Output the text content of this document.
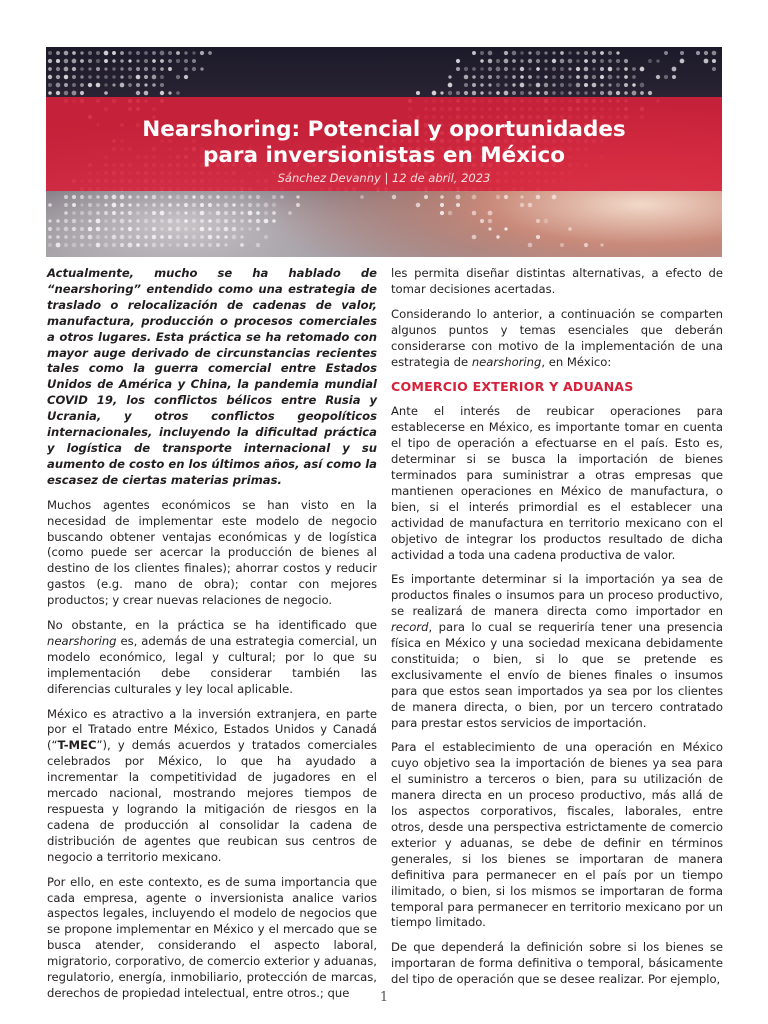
Nearshoring: Potencial y oportunidades
para inversionistas en México

Sánchez Devanny | 12 de abril, 2023

Actualmente, mucho se ha hablado de “nearshoring” entendido como una estrategia de traslado o relocalización de cadenas de valor, manufactura, producción o procesos comerciales a otros lugares. Esta práctica se ha retomado con mayor auge derivado de circunstancias recientes tales como la guerra comercial entre Estados Unidos de América y China, la pandemia mundial COVID 19, los conflictos bélicos entre Rusia y Ucrania, y otros conflictos geopolíticos internacionales, incluyendo la dificultad práctica y logística de transporte internacional y su aumento de costo en los últimos años, así como la escasez de ciertas materias primas.

Muchos agentes económicos se han visto en la necesidad de implementar este modelo de negocio buscando obtener ventajas económicas y de logística (como puede ser acercar la producción de bienes al destino de los clientes finales); ahorrar costos y reducir gastos (e.g. mano de obra); contar con mejores productos; y crear nuevas relaciones de negocio.

No obstante, en la práctica se ha identificado que nearshoring es, además de una estrategia comercial, un modelo económico, legal y cultural; por lo que su implementación debe considerar también las diferencias culturales y ley local aplicable.

México es atractivo a la inversión extranjera, en parte por el Tratado entre México, Estados Unidos y Canadá (“T-MEC”), y demás acuerdos y tratados comerciales celebrados por México, lo que ha ayudado a incrementar la competitividad de jugadores en el mercado nacional, mostrando mejores tiempos de respuesta y logrando la mitigación de riesgos en la cadena de producción al consolidar la cadena de distribución de agentes que reubican sus centros de negocio a territorio mexicano.

Por ello, en este contexto, es de suma importancia que cada empresa, agente o inversionista analice varios aspectos legales, incluyendo el modelo de negocios que se propone implementar en México y el mercado que se busca atender, considerando el aspecto laboral, migratorio, corporativo, de comercio exterior y aduanas, regulatorio, energía, inmobiliario, protección de marcas, derechos de propiedad intelectual, entre otros.; que

les permita diseñar distintas alternativas, a efecto de tomar decisiones acertadas.

Considerando lo anterior, a continuación se comparten algunos puntos y temas esenciales que deberán considerarse con motivo de la implementación de una estrategia de nearshoring, en México:

COMERCIO EXTERIOR Y ADUANAS

Ante el interés de reubicar operaciones para establecerse en México, es importante tomar en cuenta el tipo de operación a efectuarse en el país. Esto es, determinar si se busca la importación de bienes terminados para suministrar a otras empresas que mantienen operaciones en México de manufactura, o bien, si el interés primordial es el establecer una actividad de manufactura en territorio mexicano con el objetivo de integrar los productos resultado de dicha actividad a toda una cadena productiva de valor.

Es importante determinar si la importación ya sea de productos finales o insumos para un proceso productivo, se realizará de manera directa como importador en record, para lo cual se requeriría tener una presencia física en México y una sociedad mexicana debidamente constituida; o bien, si lo que se pretende es exclusivamente el envío de bienes finales o insumos para que estos sean importados ya sea por los clientes de manera directa, o bien, por un tercero contratado para prestar estos servicios de importación.

Para el establecimiento de una operación en México cuyo objetivo sea la importación de bienes ya sea para el suministro a terceros o bien, para su utilización de manera directa en un proceso productivo, más allá de los aspectos corporativos, fiscales, laborales, entre otros, desde una perspectiva estrictamente de comercio exterior y aduanas, se debe de definir en términos generales, si los bienes se importaran de manera definitiva para permanecer en el país por un tiempo ilimitado, o bien, si los mismos se importaran de forma temporal para permanecer en territorio mexicano por un tiempo limitado.

De que dependerá la definición sobre si los bienes se importaran de forma definitiva o temporal, básicamente del tipo de operación que se desee realizar. Por ejemplo,

1
